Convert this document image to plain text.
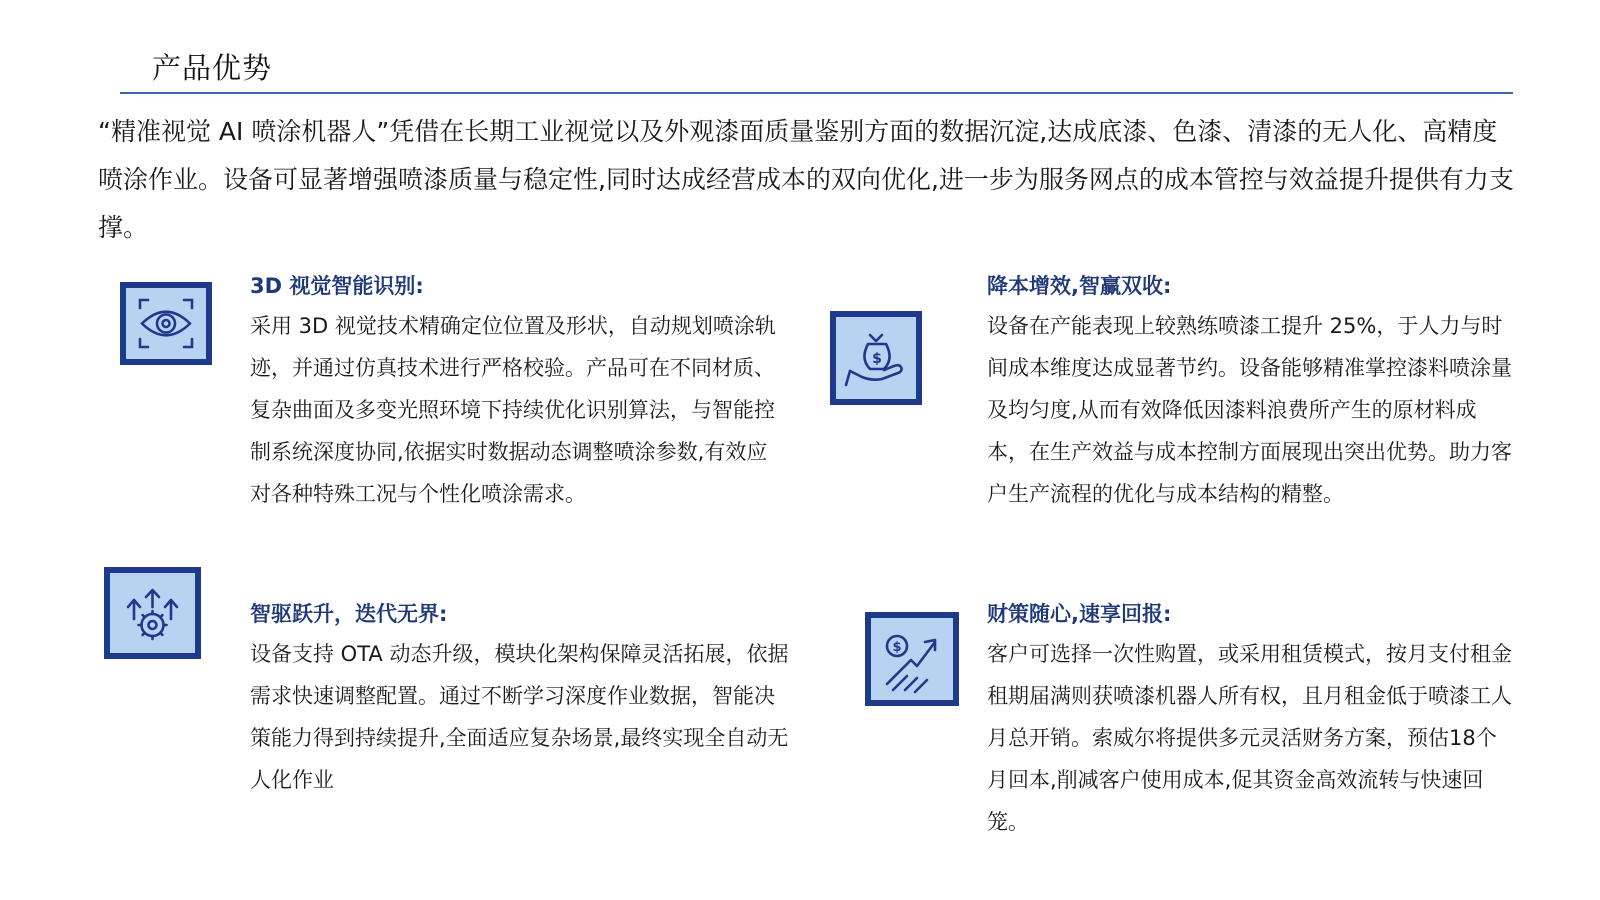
产品优势

“精准视觉 AI 喷涂机器人”凭借在长期工业视觉以及外观漆面质量鉴别方面的数据沉淀,达成底漆、色漆、清漆的无人化、高精度喷涂作业。设备可显著增强喷漆质量与稳定性,同时达成经营成本的双向优化,进一步为服务网点的成本管控与效益提升提供有力支撑。

3D 视觉智能识别:

采用 3D 视觉技术精确定位位置及形状，自动规划喷涂轨迹，并通过仿真技术进行严格校验。产品可在不同材质、复杂曲面及多变光照环境下持续优化识别算法，与智能控制系统深度协同,依据实时数据动态调整喷涂参数,有效应对各种特殊工况与个性化喷涂需求。

$
降本增效,智赢双收:

设备在产能表现上较熟练喷漆工提升 25%，于人力与时间成本维度达成显著节约。设备能够精准掌控漆料喷涂量及均匀度,从而有效降低因漆料浪费所产生的原材料成本，在生产效益与成本控制方面展现出突出优势。助力客户生产流程的优化与成本结构的精整。

智驱跃升，迭代无界:

设备支持 OTA 动态升级，模块化架构保障灵活拓展，依据需求快速调整配置。通过不断学习深度作业数据，智能决策能力得到持续提升,全面适应复杂场景,最终实现全自动无人化作业

$
财策随心,速享回报:

客户可选择一次性购置，或采用租赁模式，按月支付租金租期届满则获喷漆机器人所有权，且月租金低于喷漆工人月总开销。索威尔将提供多元灵活财务方案，预估18个月回本,削减客户使用成本,促其资金高效流转与快速回笼。
